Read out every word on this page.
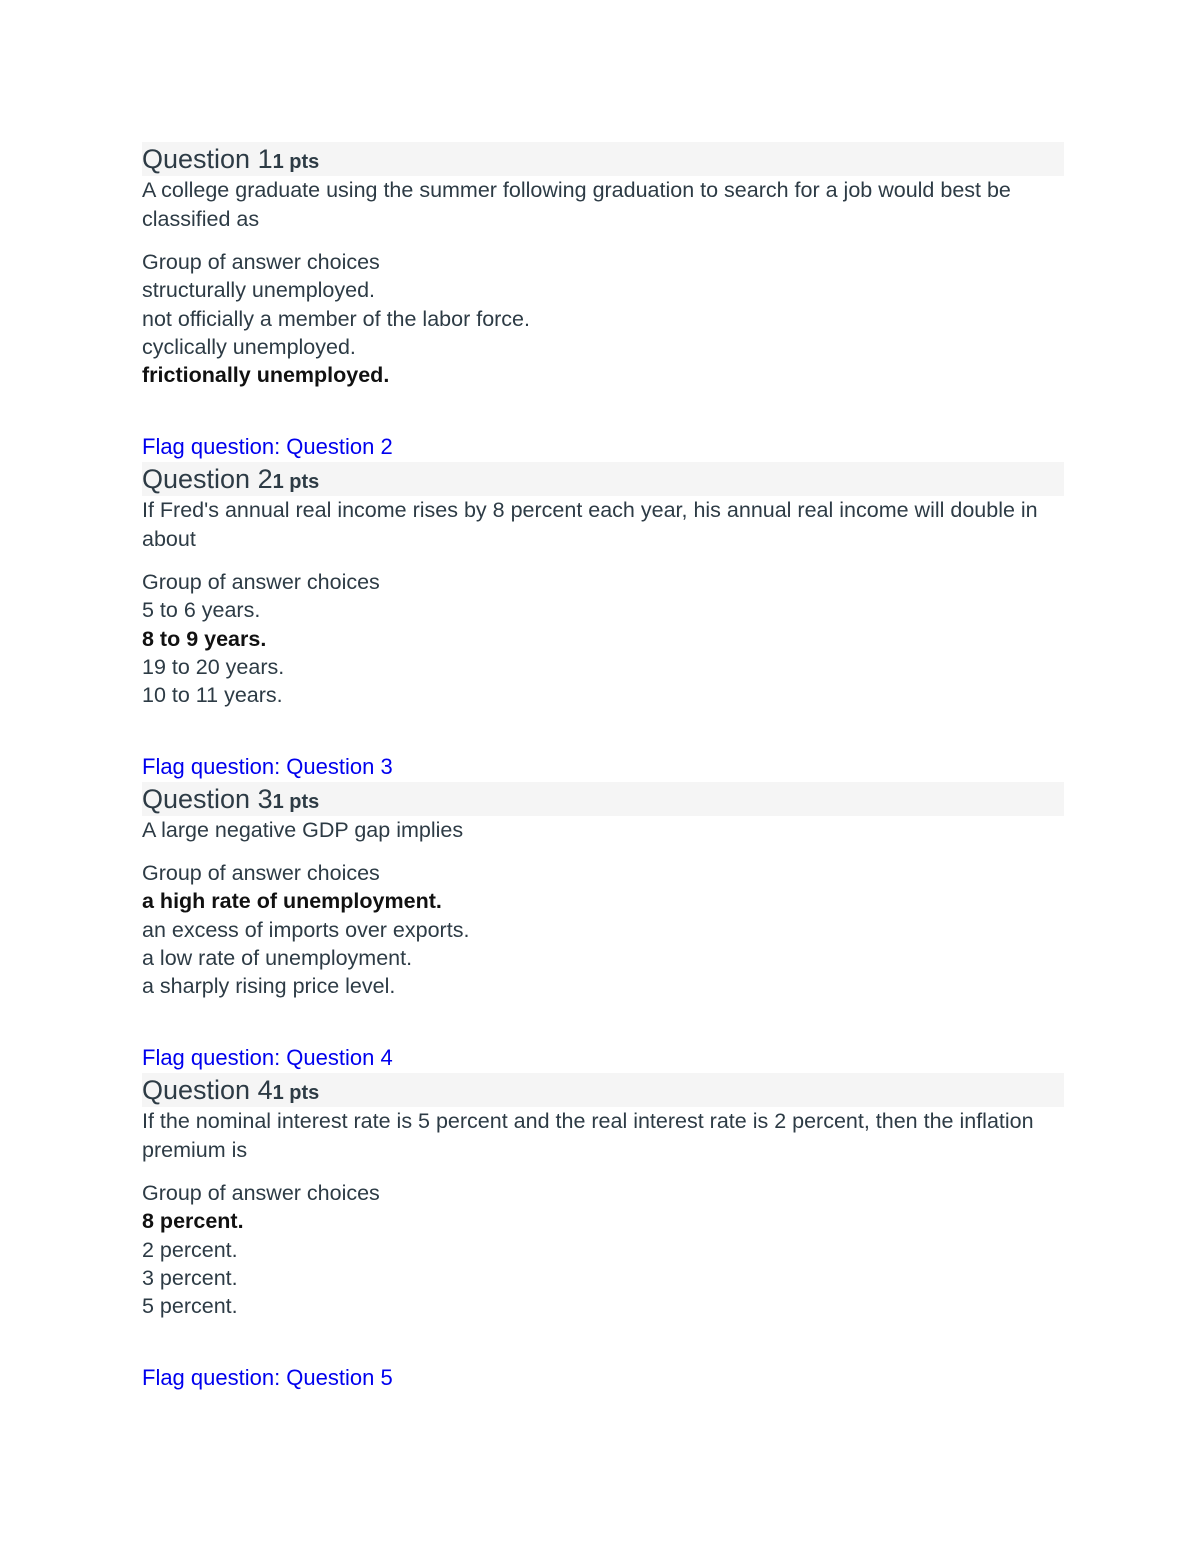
Question 11 pts
A college graduate using the summer following graduation to search for a job would best be classified as
Group of answer choices
structurally unemployed.
not officially a member of the labor force.
cyclically unemployed.
frictionally unemployed.
Flag question: Question 2
Question 21 pts
If Fred's annual real income rises by 8 percent each year, his annual real income will double in about
Group of answer choices
5 to 6 years.
8 to 9 years.
19 to 20 years.
10 to 11 years.
Flag question: Question 3
Question 31 pts
A large negative GDP gap implies
Group of answer choices
a high rate of unemployment.
an excess of imports over exports.
a low rate of unemployment.
a sharply rising price level.
Flag question: Question 4
Question 41 pts
If the nominal interest rate is 5 percent and the real interest rate is 2 percent, then the inflation premium is
Group of answer choices
8 percent.
2 percent.
3 percent.
5 percent.
Flag question: Question 5
